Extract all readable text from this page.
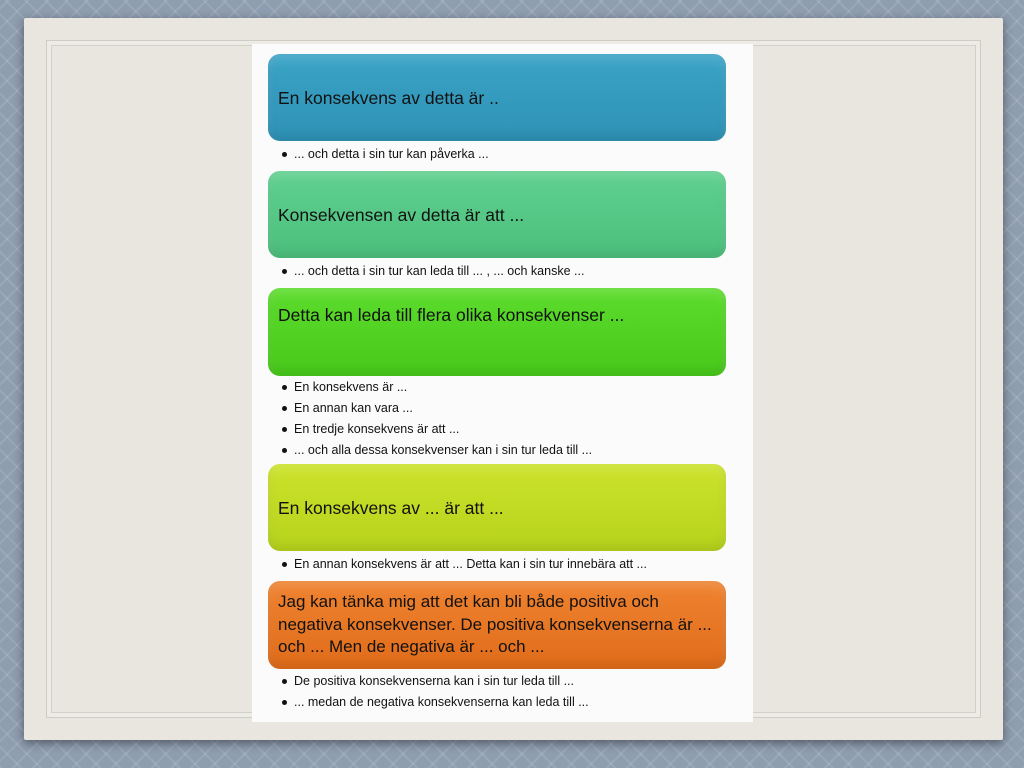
En konsekvens av detta är ..
... och detta i sin tur kan påverka ...
Konsekvensen av detta är att ...
... och detta i sin tur kan leda till ... , ... och kanske ...
Detta kan leda till flera olika konsekvenser ...
En konsekvens är ...
En annan kan vara ...
En tredje konsekvens är att ...
... och alla dessa konsekvenser kan i sin tur leda till ...
En konsekvens av ... är att ...
En annan konsekvens är att ... Detta kan i sin tur innebära att ...
Jag kan tänka mig att det kan bli både positiva och negativa konsekvenser. De positiva konsekvenserna är ... och ... Men de negativa är ... och ...
De positiva konsekvenserna kan i sin tur leda till ...
... medan de negativa konsekvenserna kan leda till ...
